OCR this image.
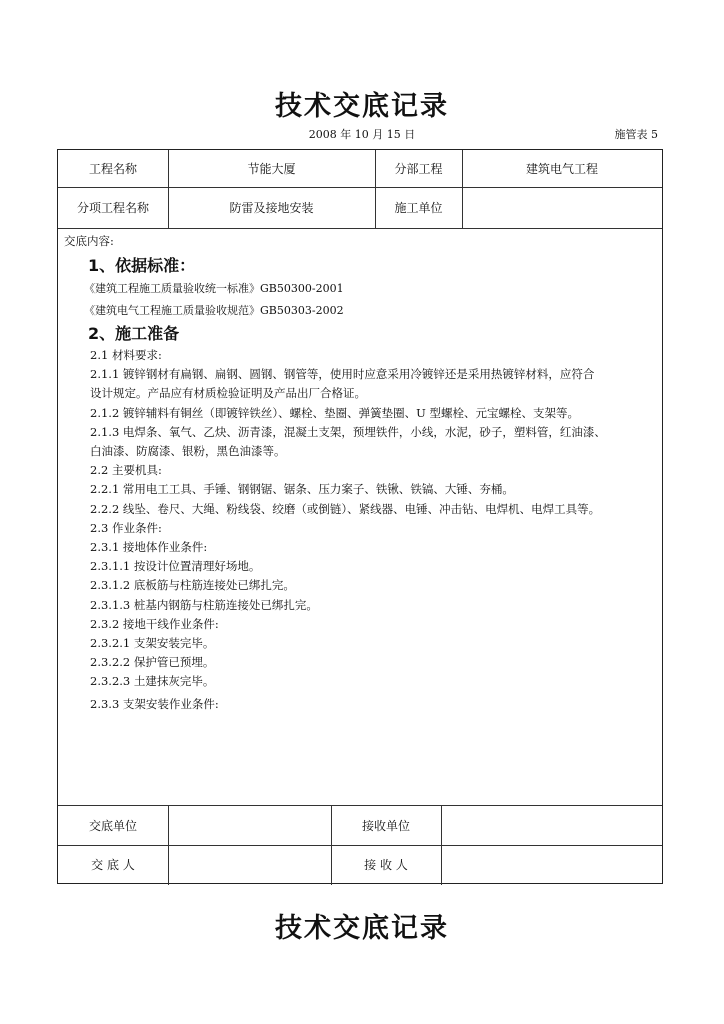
技术交底记录
2008 年 10 月 15 日	施管表 5
工程名称	节能大厦	分部工程	建筑电气工程
分项工程名称	防雷及接地安装	施工单位
交底内容:
1、依据标准：
《建筑工程施工质量验收统一标准》GB50300-2001
《建筑电气工程施工质量验收规范》GB50303-2002
2、施工准备
2.1 材料要求:
2.1.1 镀锌钢材有扁钢、扁钢、圆钢、钢管等，使用时应意采用冷镀锌还是采用热镀锌材料，应符合
设计规定。产品应有材质检验证明及产品出厂合格证。
2.1.2 镀锌辅料有铜丝（即镀锌铁丝）、螺栓、垫圈、弹簧垫圈、U 型螺栓、元宝螺栓、支架等。
2.1.3 电焊条、氧气、乙炔、沥青漆，混凝土支架，预埋铁件，小线，水泥，砂子，塑料管，红油漆、
白油漆、防腐漆、银粉，黑色油漆等。
2.2 主要机具:
2.2.1 常用电工工具、手锤、钢钢锯、锯条、压力案子、铁锹、铁镐、大锤、夯桶。
2.2.2 线坠、卷尺、大绳、粉线袋、绞磨（或倒链）、紧线器、电锤、冲击钻、电焊机、电焊工具等。
2.3 作业条件:
2.3.1 接地体作业条件:
2.3.1.1 按设计位置清理好场地。
2.3.1.2 底板筋与柱筋连接处已绑扎完。
2.3.1.3 桩基内钢筋与柱筋连接处已绑扎完。
2.3.2 接地干线作业条件:
2.3.2.1 支架安装完毕。
2.3.2.2 保护管已预埋。
2.3.2.3 土建抹灰完毕。
2.3.3 支架安装作业条件:
交底单位	接收单位
交 底 人	接 收 人
技术交底记录
